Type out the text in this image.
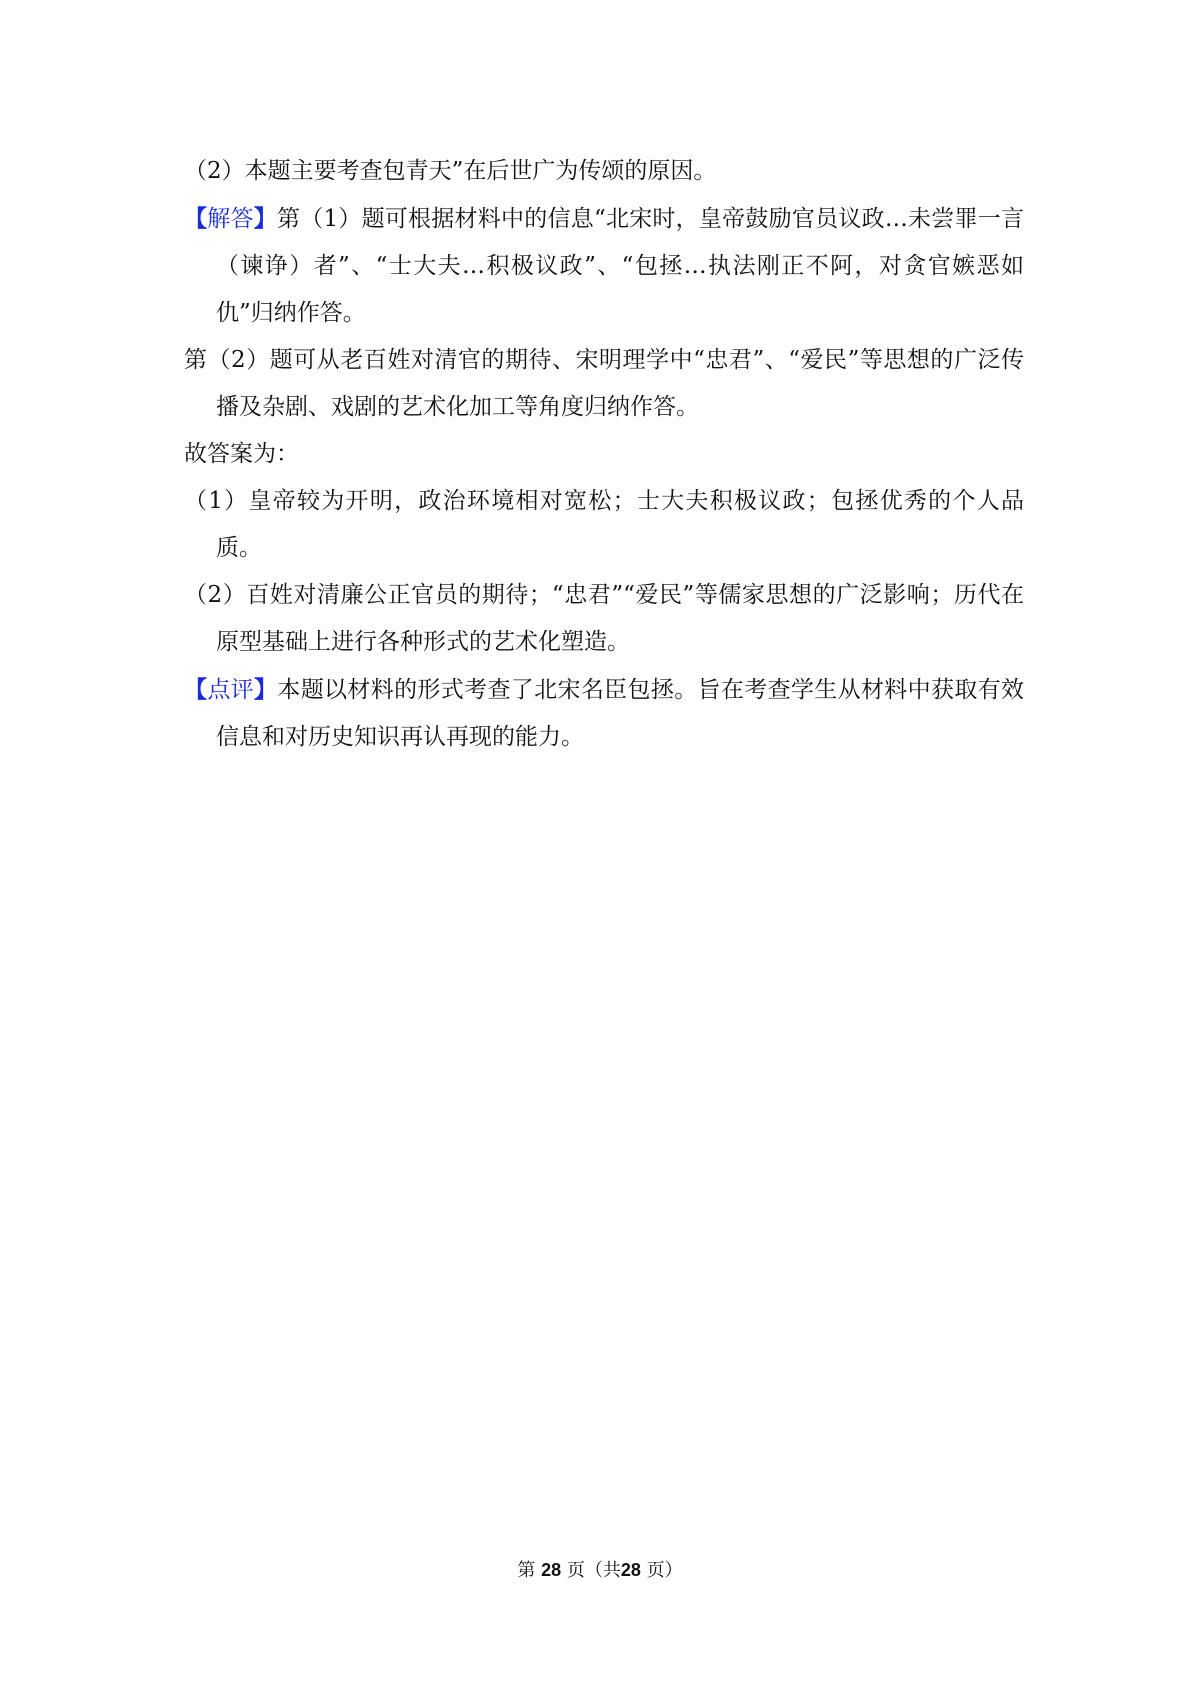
（2）本题主要考查包青天”在后世广为传颂的原因。

【解答】第（1）题可根据材料中的信息“北宋时，皇帝鼓励官员议政…未尝罪一言（谏诤）者”、“士大夫…积极议政”、“包拯…执法刚正不阿，对贪官嫉恶如仇”归纳作答。

第（2）题可从老百姓对清官的期待、宋明理学中“忠君”、“爱民”等思想的广泛传播及杂剧、戏剧的艺术化加工等角度归纳作答。

故答案为：

（1）皇帝较为开明，政治环境相对宽松；士大夫积极议政；包拯优秀的个人品质。

（2）百姓对清廉公正官员的期待；“忠君”“爱民”等儒家思想的广泛影响；历代在原型基础上进行各种形式的艺术化塑造。

【点评】本题以材料的形式考查了北宋名臣包拯。旨在考查学生从材料中获取有效信息和对历史知识再认再现的能力。

第 28 页（共28 页）
